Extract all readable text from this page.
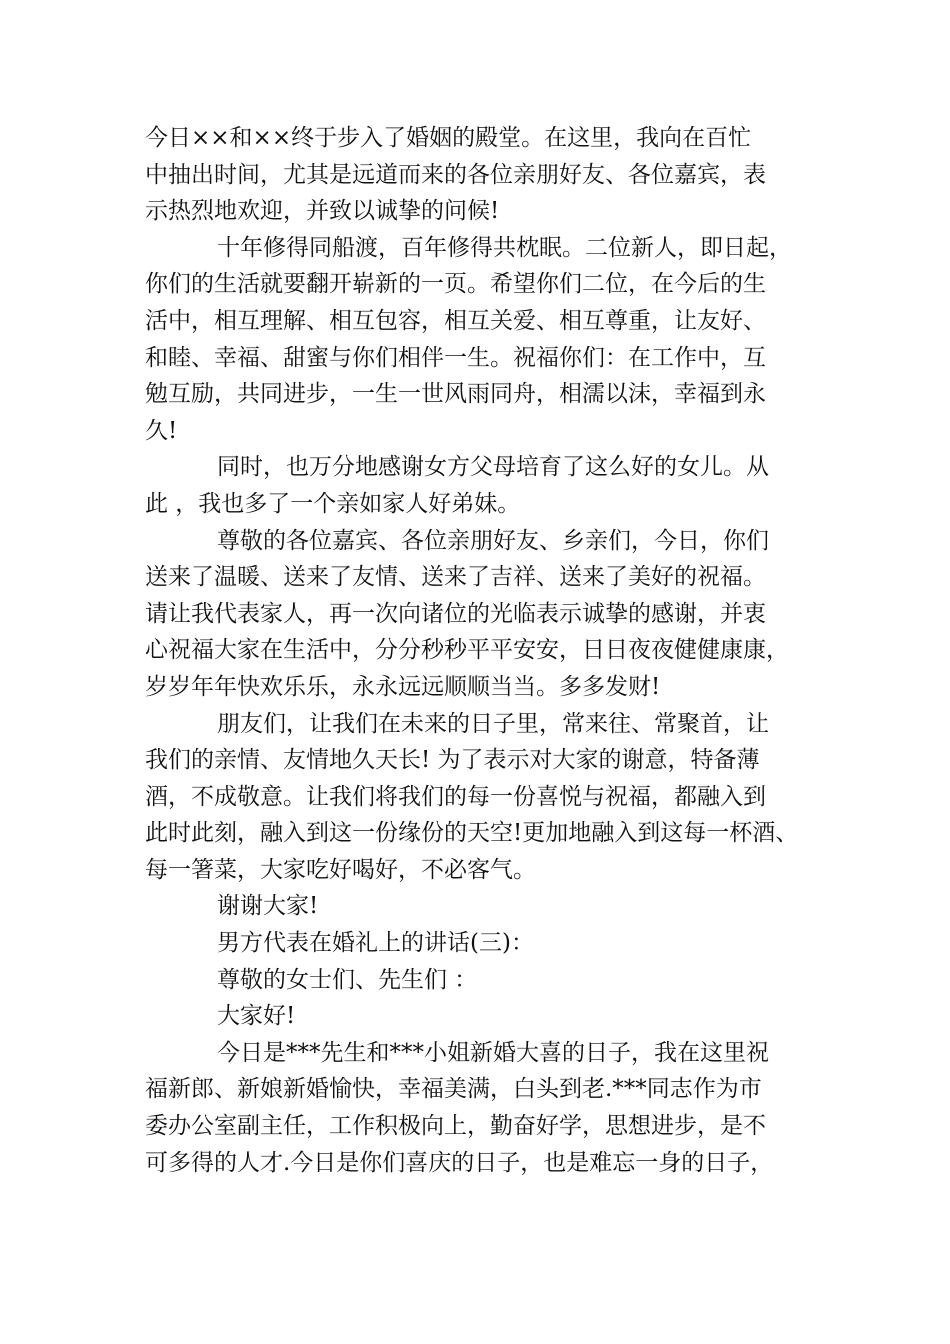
今日××和××终于步入了婚姻的殿堂。在这里，我向在百忙
中抽出时间，尤其是远道而来的各位亲朋好友、各位嘉宾，表
示热烈地欢迎，并致以诚挚的问候!
十年修得同船渡，百年修得共枕眠。二位新人，即日起，
你们的生活就要翻开崭新的一页。希望你们二位，在今后的生
活中，相互理解、相互包容，相互关爱、相互尊重，让友好、
和睦、幸福、甜蜜与你们相伴一生。祝福你们：在工作中，互
勉互励，共同进步，一生一世风雨同舟，相濡以沫，幸福到永
久!
同时，也万分地感谢女方父母培育了这么好的女儿。从
此 ，我也多了一个亲如家人好弟妹。
尊敬的各位嘉宾、各位亲朋好友、乡亲们，今日，你们
送来了温暖、送来了友情、送来了吉祥、送来了美好的祝福。
请让我代表家人，再一次向诸位的光临表示诚挚的感谢，并衷
心祝福大家在生活中，分分秒秒平平安安，日日夜夜健健康康，
岁岁年年快欢乐乐，永永远远顺顺当当。多多发财!
朋友们，让我们在未来的日子里，常来往、常聚首，让
我们的亲情、友情地久天长! 为了表示对大家的谢意，特备薄
酒，不成敬意。让我们将我们的每一份喜悦与祝福，都融入到
此时此刻，融入到这一份缘份的天空!更加地融入到这每一杯酒、
每一箸菜，大家吃好喝好，不必客气。
谢谢大家!
男方代表在婚礼上的讲话(三)：
尊敬的女士们、先生们 ：
大家好!
今日是***先生和***小姐新婚大喜的日子，我在这里祝
福新郎、新娘新婚愉快，幸福美满，白头到老.***同志作为市
委办公室副主任，工作积极向上，勤奋好学，思想进步，是不
可多得的人才.今日是你们喜庆的日子，也是难忘一身的日子，
